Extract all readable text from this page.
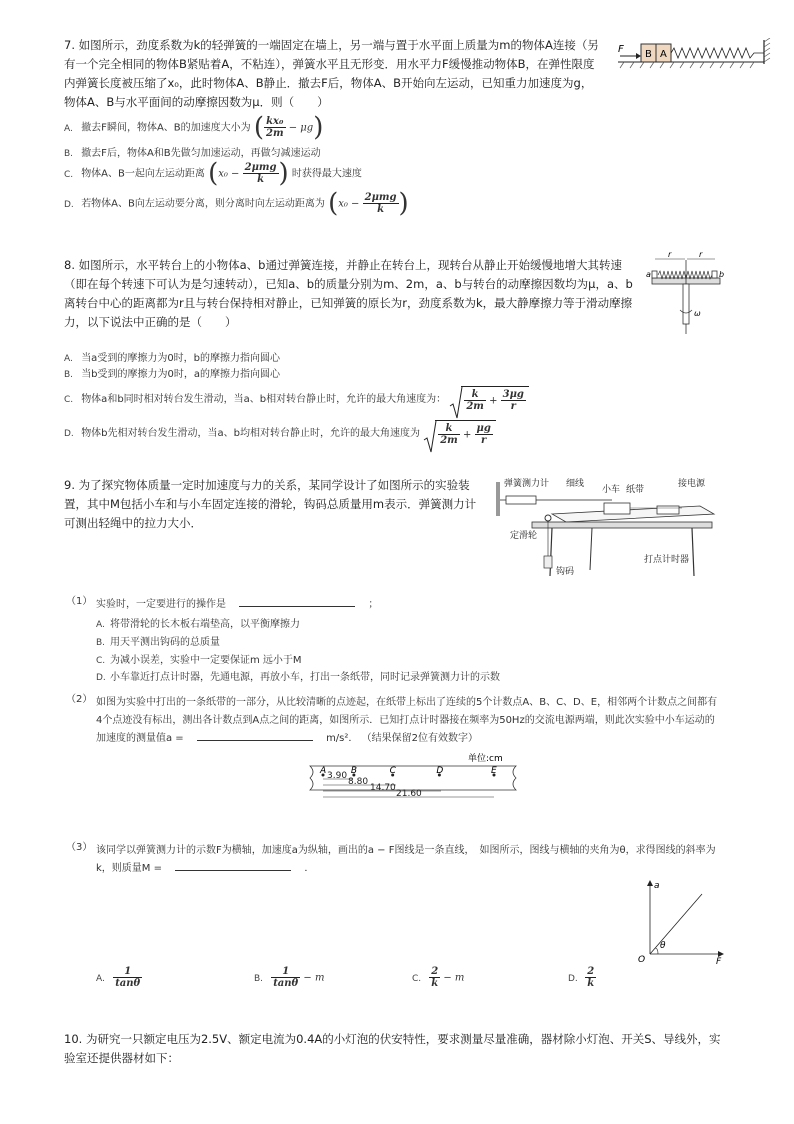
7. 如图所示，劲度系数为k的轻弹簧的一端固定在墙上，另一端与置于水平面上质量为m的物体A连接（另有一个完全相同的物体B紧贴着A，不粘连），弹簧水平且无形变．用水平力F缓慢推动物体B，在弹性限度内弹簧长度被压缩了x₀，此时物体A、B静止．撤去F后，物体A、B开始向左运动，已知重力加速度为g，物体A、B与水平面间的动摩擦因数为μ．则（　　）
F B A
A. 撤去F瞬间，物体A、B的加速度大小为 ( $\frac{\text{kx₀}}{2m} - \mu g$)
B. 撤去F后，物体A和B先做匀加速运动，再做匀减速运动
C. 物体A、B一起向左运动距离 ($x_0 - \frac{\text{2μmg}}{k}$ ) 时获得最大速度
D. 若物体A、B向左运动要分离，则分离时向左运动距离为 ($x_0 - \frac{\text{2μmg}}{k}$ )
8. 如图所示，水平转台上的小物体a、b通过弹簧连接，并静止在转台上，现转台从静止开始缓慢地增大其转速（即在每个转速下可认为是匀速转动），已知a、b的质量分别为m、2m，a、b与转台的动摩擦因数均为μ，a、b离转台中心的距离都为r且与转台保持相对静止，已知弹簧的原长为r，劲度系数为k，最大静摩擦力等于滑动摩擦力，以下说法中正确的是（　　）
a	b
r	r
ω
A. 当a受到的摩擦力为0时，b的摩擦力指向圆心
B. 当b受到的摩擦力为0时，a的摩擦力指向圆心
C. 物体a和b同时相对转台发生滑动，当a、b相对转台静止时，允许的最大角速度为： $\frac{k}{2m} + \frac{3\mu g}{r}$
D. 物体b先相对转台发生滑动，当a、b均相对转台静止时，允许的最大角速度为 $\frac{k}{2m} + \frac{\mu g}{r}$
9. 为了探究物体质量一定时加速度与力的关系，某同学设计了如图所示的实验装置，其中M包括小车和与小车固定连接的滑轮，钩码总质量用m表示．弹簧测力计可测出轻绳中的拉力大小．
弹簧测力计 细线
小车 纸带
接电源
定滑轮
钩码
打点计时器
（1） 实验时，一定要进行的操作是	；
A. 将带滑轮的长木板右端垫高，以平衡摩擦力
B. 用天平测出钩码的总质量
C. 为减小误差，实验中一定要保证m 远小于M
D. 小车靠近打点计时器，先通电源，再放小车，打出一条纸带，同时记录弹簧测力计的示数
（2） 如图为实验中打出的一条纸带的一部分，从比较清晰的点迹起，在纸带上标出了连续的5个计数点A、B、C、D、E，相邻两个计数点之间都有4个点迹没有标出，测出各计数点到A点之间的距离，如图所示．已知打点计时器接在频率为50Hz的交流电源两端，则此次实验中小车运动的加速度的测量值a =	m/s²． （结果保留2位有效数字）
单位:cm
A	B	C	D	E
3.90
8.80
14.70
21.60
（3） 该同学以弹簧测力计的示数F为横轴，加速度a为纵轴，画出的a − F图线是一条直线，　如图所示，图线与横轴的夹角为θ，求得图线的斜率为k，则质量M =	．
a
F
O
θ
A. $\frac{1}{\tan\theta}$	B. $\frac{1}{\tan\theta} - m$	C. $\frac{2}{k} - m$	D. $\frac{2}{k}$
10. 为研究一只额定电压为2.5V、额定电流为0.4A的小灯泡的伏安特性，要求测量尽量准确，器材除小灯泡、开关S、导线外，实验室还提供器材如下：
